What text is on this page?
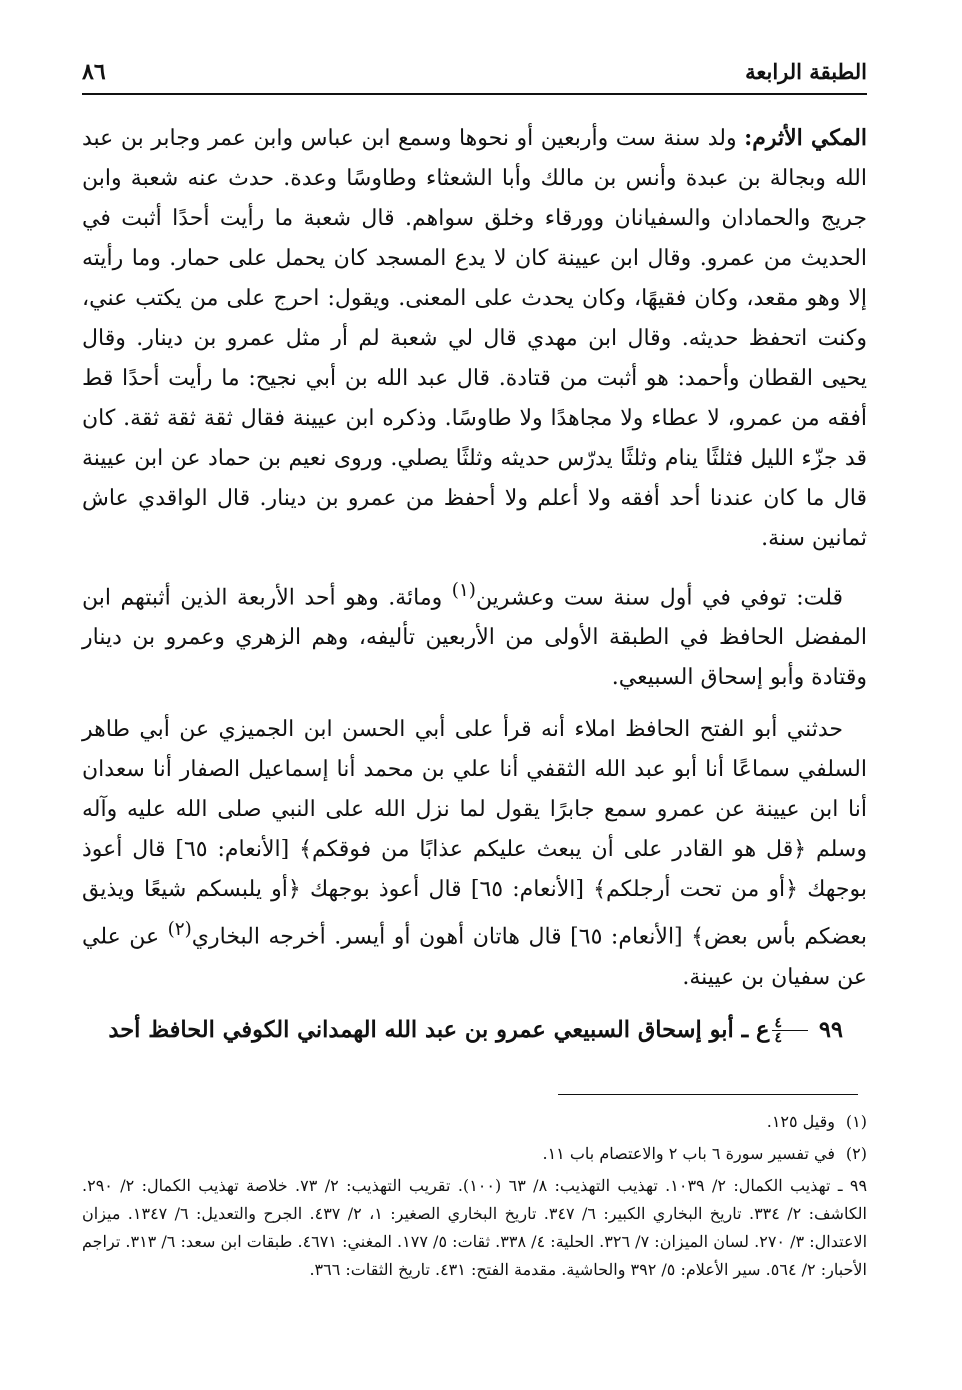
الطبقة الرابعة
٨٦

المكي الأثرم: ولد سنة ست وأربعين أو نحوها وسمع ابن عباس وابن عمر وجابر بن عبد الله وبجالة بن عبدة وأنس بن مالك وأبا الشعثاء وطاوسًا وعدة. حدث عنه شعبة وابن جريج والحمادان والسفيانان وورقاء وخلق سواهم. قال شعبة ما رأيت أحدًا أثبت في الحديث من عمرو. وقال ابن عيينة كان لا يدع المسجد كان يحمل على حمار. وما رأيته إلا وهو مقعد، وكان فقيهًا، وكان يحدث على المعنى. ويقول: احرج على من يكتب عني، وكنت اتحفظ حديثه. وقال ابن مهدي قال لي شعبة لم أر مثل عمرو بن دينار. وقال يحيى القطان وأحمد: هو أثبت من قتادة. قال عبد الله بن أبي نجيح: ما رأيت أحدًا قط أفقه من عمرو، لا عطاء ولا مجاهدًا ولا طاوسًا. وذكره ابن عيينة فقال ثقة ثقة ثقة. كان قد جزّء الليل فثلثًا ينام وثلثًا يدرّس حديثه وثلثًا يصلي. وروى نعيم بن حماد عن ابن عيينة قال ما كان عندنا أحد أفقه ولا أعلم ولا أحفظ من عمرو بن دينار. قال الواقدي عاش ثمانين سنة.

قلت: توفي في أول سنة ست وعشرين$^{(١)}$ ومائة. وهو أحد الأربعة الذين أثبتهم ابن المفضل الحافظ في الطبقة الأولى من الأربعين تأليفه، وهم الزهري وعمرو بن دينار وقتادة وأبو إسحاق السبيعي.

حدثني أبو الفتح الحافظ املاء أنه قرأ على أبي الحسن ابن الجميزي عن أبي طاهر السلفي سماعًا أنا أبو عبد الله الثقفي أنا علي بن محمد أنا إسماعيل الصفار أنا سعدان أنا ابن عيينة عن عمرو سمع جابرًا يقول لما نزل الله على النبي صلى الله عليه وآله وسلم ﴿قل هو القادر على أن يبعث عليكم عذابًا من فوقكم﴾ [الأنعام: ٦٥] قال أعوذ بوجهك ﴿أو من تحت أرجلكم﴾ [الأنعام: ٦٥] قال أعوذ بوجهك ﴿أو يلبسكم شيعًا ويذيق بعضكم بأس بعض﴾ [الأنعام: ٦٥] قال هاتان أهون أو أيسر. أخرجه البخاري$^{(٢)}$ عن علي عن سفيان بن عيينة.

٩٩
$\frac{٤}{٤}$
ع ـ أبو إسحاق السبيعي عمرو بن عبد الله الهمداني الكوفي الحافظ أحد

(١)وقيل ١٢٥.

(٢)في تفسير سورة ٦ باب ٢ والاعتصام باب ١١.

٩٩ ـ تهذيب الكمال: ٢/ ١٠٣٩. تهذيب التهذيب: ٨/ ٦٣ (١٠٠). تقريب التهذيب: ٢/ ٧٣. خلاصة تهذيب الكمال: ٢/ ٢٩٠. الكاشف: ٢/ ٣٣٤. تاريخ البخاري الكبير: ٦/ ٣٤٧. تاريخ البخاري الصغير: ١، ٢/ ٤٣٧. الجرح والتعديل: ٦/ ١٣٤٧. ميزان الاعتدال: ٣/ ٢٧٠. لسان الميزان: ٧/ ٣٢٦. الحلية: ٤/ ٣٣٨. ثقات: ٥/ ١٧٧. المغني: ٤٦٧١. طبقات ابن سعد: ٦/ ٣١٣. تراجم الأحبار: ٢/ ٥٦٤. سير الأعلام: ٥/ ٣٩٢ والحاشية. مقدمة الفتح: ٤٣١. تاريخ الثقات: ٣٦٦.
